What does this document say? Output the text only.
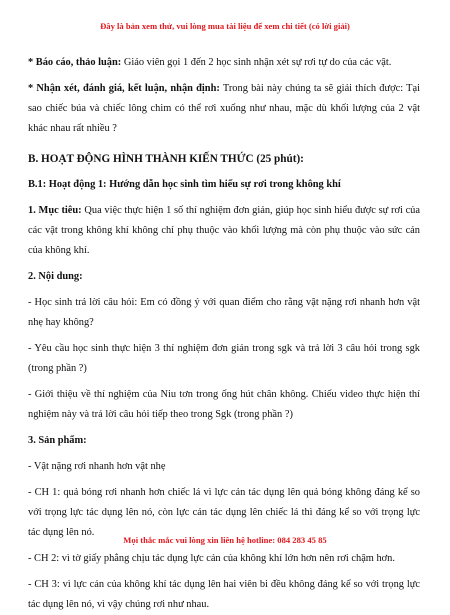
Đây là bản xem thử, vui lòng mua tài liệu để xem chi tiết (có lời giải)

* Báo cáo, thảo luận: Giáo viên gọi 1 đến 2 học sinh nhận xét sự rơi tự do của các vật.

* Nhận xét, đánh giá, kết luận, nhận định: Trong bài này chúng ta sẽ giải thích được: Tại sao chiếc búa và chiếc lông chim có thể rơi xuống như nhau, mặc dù khối lượng của 2 vật khác nhau rất nhiều ?

B. HOẠT ĐỘNG HÌNH THÀNH KIẾN THỨC (25 phút):

B.1: Hoạt động 1: Hướng dẫn học sinh tìm hiểu sự rơi trong không khí

1. Mục tiêu: Qua việc thực hiện 1 số thí nghiệm đơn giản, giúp học sinh hiểu được sự rơi của các vật trong không khí không chỉ phụ thuộc vào khối lượng mà còn phụ thuộc vào sức cản của không khí.

2. Nội dung:

- Học sinh trả lời câu hỏi: Em có đồng ý với quan điểm cho rằng vật nặng rơi nhanh hơn vật nhẹ hay không?

- Yêu cầu học sinh thực hiện 3 thí nghiệm đơn giản trong sgk và trả lời 3 câu hỏi trong sgk (trong phần ?)

- Giới thiệu về thí nghiệm của Niu tơn trong ống hút chân không. Chiếu video thực hiện thí nghiệm này và trả lời câu hỏi tiếp theo trong Sgk (trong phần ?)

3. Sản phẩm:

- Vật nặng rơi nhanh hơn vật nhẹ

- CH 1: quả bóng rơi nhanh hơn chiếc lá vì lực cản tác dụng lên quả bóng không đáng kể so với trọng lực tác dụng lên nó, còn lực cản tác dụng lên chiếc lá thì đáng kể so với trọng lực tác dụng lên nó.

- CH 2: vì tờ giấy phẳng chịu tác dụng lực cản của không khí lớn hơn nên rơi chậm hơn.

- CH 3: vì lực cản của không khí tác dụng lên hai viên bi đều không đáng kể so với trọng lực tác dụng lên nó, vì vậy chúng rơi như nhau.

Mọi thắc mắc vui lòng xin liên hệ hotline: 084 283 45 85
